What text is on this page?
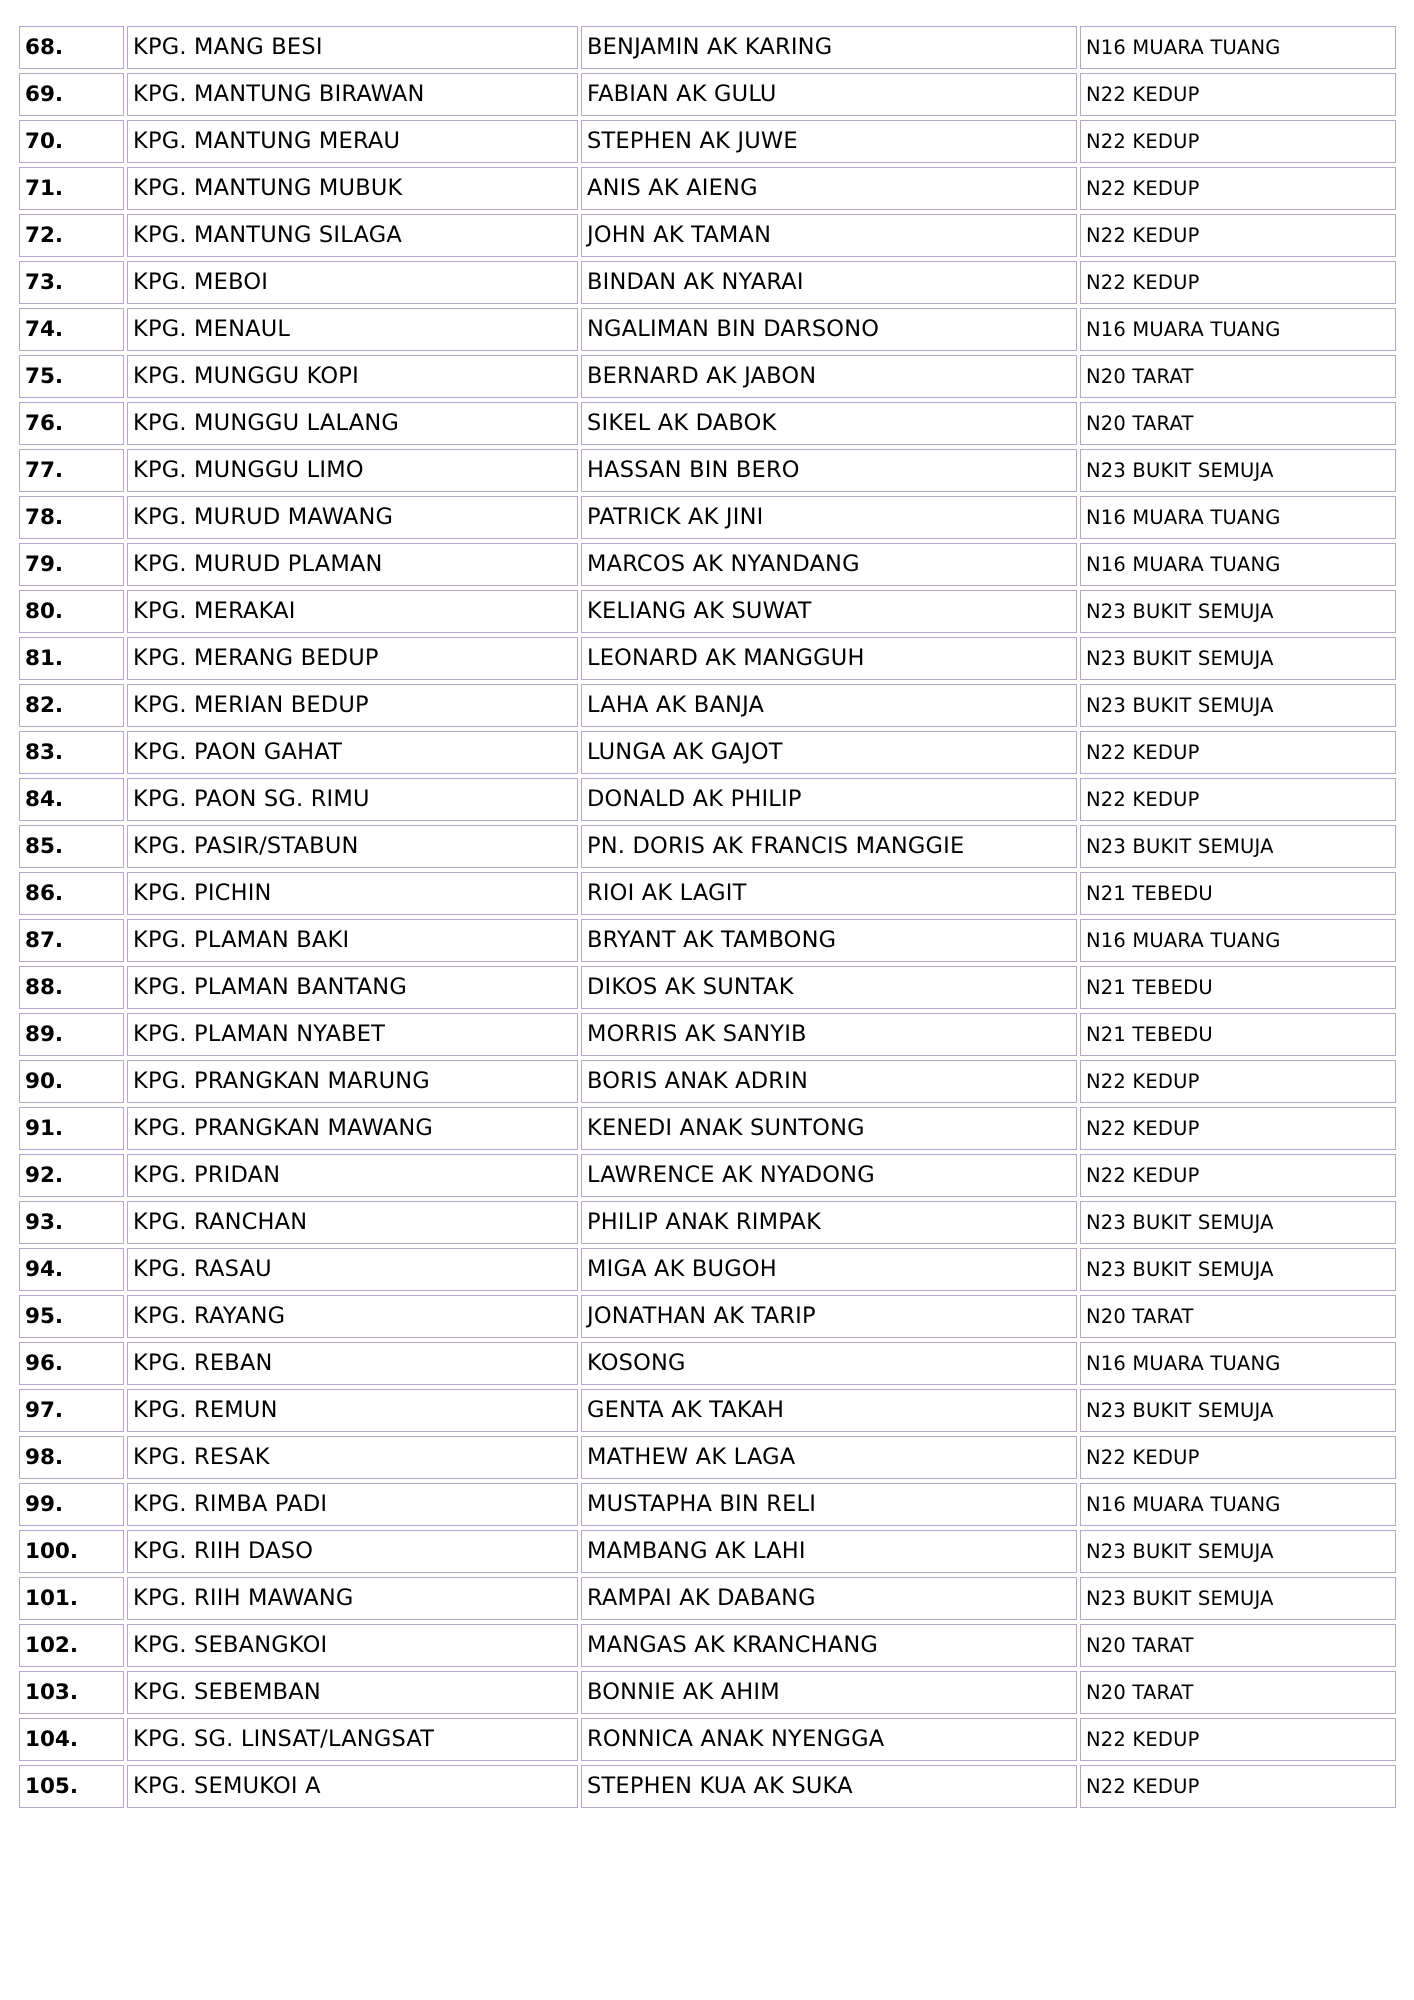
68.	KPG. MANG BESI	BENJAMIN AK KARING	N16 MUARA TUANG
69.	KPG. MANTUNG BIRAWAN	FABIAN AK GULU	N22 KEDUP
70.	KPG. MANTUNG MERAU	STEPHEN AK JUWE	N22 KEDUP
71.	KPG. MANTUNG MUBUK	ANIS AK AIENG	N22 KEDUP
72.	KPG. MANTUNG SILAGA	JOHN AK TAMAN	N22 KEDUP
73.	KPG. MEBOI	BINDAN AK NYARAI	N22 KEDUP
74.	KPG. MENAUL	NGALIMAN BIN DARSONO	N16 MUARA TUANG
75.	KPG. MUNGGU KOPI	BERNARD AK JABON	N20 TARAT
76.	KPG. MUNGGU LALANG	SIKEL AK DABOK	N20 TARAT
77.	KPG. MUNGGU LIMO	HASSAN BIN BERO	N23 BUKIT SEMUJA
78.	KPG. MURUD MAWANG	PATRICK AK JINI	N16 MUARA TUANG
79.	KPG. MURUD PLAMAN	MARCOS AK NYANDANG	N16 MUARA TUANG
80.	KPG. MERAKAI	KELIANG AK SUWAT	N23 BUKIT SEMUJA
81.	KPG. MERANG BEDUP	LEONARD AK MANGGUH	N23 BUKIT SEMUJA
82.	KPG. MERIAN BEDUP	LAHA AK BANJA	N23 BUKIT SEMUJA
83.	KPG. PAON GAHAT	LUNGA AK GAJOT	N22 KEDUP
84.	KPG. PAON SG. RIMU	DONALD AK PHILIP	N22 KEDUP
85.	KPG. PASIR/STABUN	PN. DORIS AK FRANCIS MANGGIE	N23 BUKIT SEMUJA
86.	KPG. PICHIN	RIOI AK LAGIT	N21 TEBEDU
87.	KPG. PLAMAN BAKI	BRYANT AK TAMBONG	N16 MUARA TUANG
88.	KPG. PLAMAN BANTANG	DIKOS AK SUNTAK	N21 TEBEDU
89.	KPG. PLAMAN NYABET	MORRIS AK SANYIB	N21 TEBEDU
90.	KPG. PRANGKAN MARUNG	BORIS ANAK ADRIN	N22 KEDUP
91.	KPG. PRANGKAN MAWANG	KENEDI ANAK SUNTONG	N22 KEDUP
92.	KPG. PRIDAN	LAWRENCE AK NYADONG	N22 KEDUP
93.	KPG. RANCHAN	PHILIP ANAK RIMPAK	N23 BUKIT SEMUJA
94.	KPG. RASAU	MIGA AK BUGOH	N23 BUKIT SEMUJA
95.	KPG. RAYANG	JONATHAN AK TARIP	N20 TARAT
96.	KPG. REBAN	KOSONG	N16 MUARA TUANG
97.	KPG. REMUN	GENTA AK TAKAH	N23 BUKIT SEMUJA
98.	KPG. RESAK	MATHEW AK LAGA	N22 KEDUP
99.	KPG. RIMBA PADI	MUSTAPHA BIN RELI	N16 MUARA TUANG
100.	KPG. RIIH DASO	MAMBANG AK LAHI	N23 BUKIT SEMUJA
101.	KPG. RIIH MAWANG	RAMPAI AK DABANG	N23 BUKIT SEMUJA
102.	KPG. SEBANGKOI	MANGAS AK KRANCHANG	N20 TARAT
103.	KPG. SEBEMBAN	BONNIE AK AHIM	N20 TARAT
104.	KPG. SG. LINSAT/LANGSAT	RONNICA ANAK NYENGGA	N22 KEDUP
105.	KPG. SEMUKOI A	STEPHEN KUA AK SUKA	N22 KEDUP
